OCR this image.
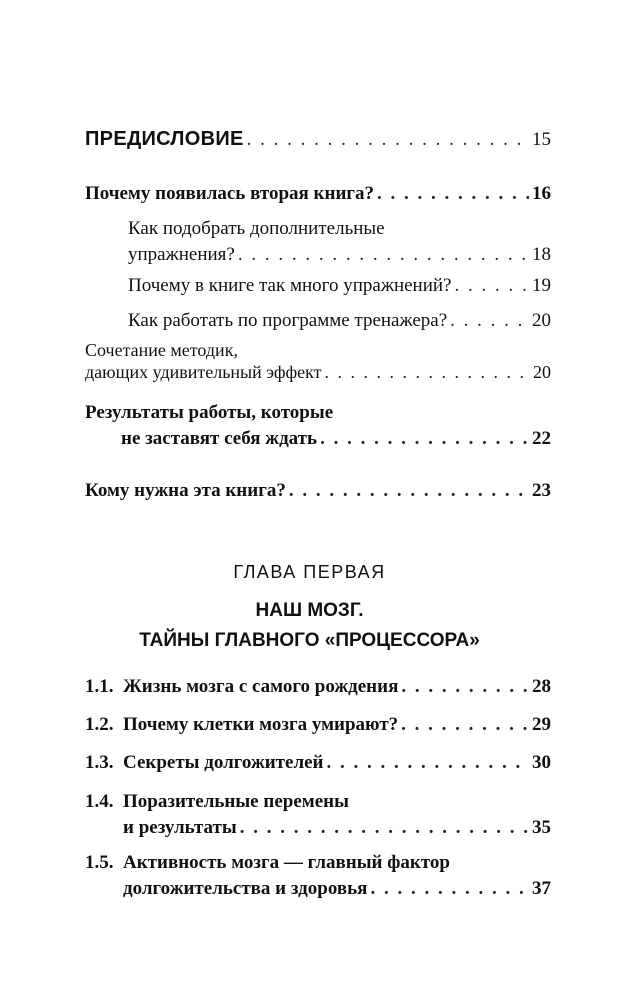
ПРЕДИСЛОВИЕ . . .	15
Почему появилась вторая книга? . . .	16
Как подобрать дополнительные
упражнения? . . .	18
Почему в книге так много упражнений? . . .	19
Как работать по программе тренажера? . . .	20
Сочетание методик,
дающих удивительный эффект . . .	20
Результаты работы, которые
не заставят себя ждать . . .	22
Кому нужна эта книга? . . .	23
ГЛАВА ПЕРВАЯ
НАШ МОЗГ.
ТАЙНЫ ГЛАВНОГО «ПРОЦЕССОРА»
1.1. Жизнь мозга с самого рождения . . .	28
1.2. Почему клетки мозга умирают? . . .	29
1.3. Секреты долгожителей . . .	30
1.4. Поразительные перемены
и результаты . . .	35
1.5. Активность мозга — главный фактор
долгожительства и здоровья . . .	37
